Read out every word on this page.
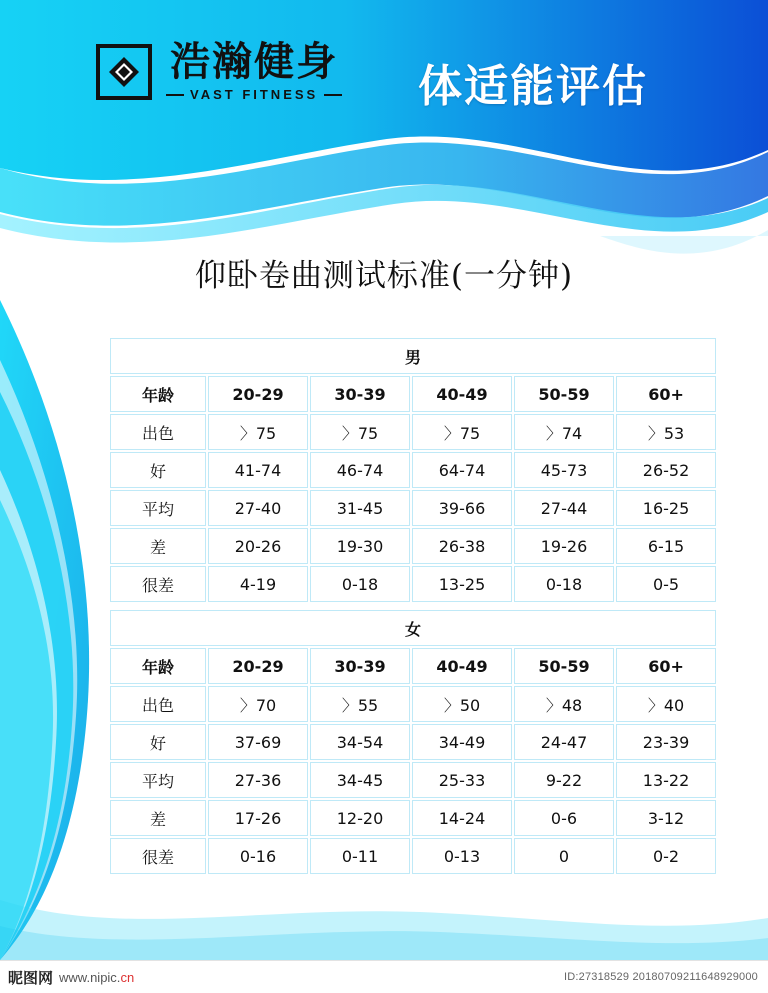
浩瀚健身
VAST FITNESS 体适能评估
仰卧卷曲测试标准(一分钟)
男					
年龄	20-29	30-39	40-49	50-59	60+
出色	〉75	〉75	〉75	〉74	〉53
好	41-74	46-74	64-74	45-73	26-52
平均	27-40	31-45	39-66	27-44	16-25
差	20-26	19-30	26-38	19-26	6-15
很差	4-19	0-18	13-25	0-18	0-5
女					
年龄	20-29	30-39	40-49	50-59	60+
出色	〉70	〉55	〉50	〉48	〉40
好	37-69	34-54	34-49	24-47	23-39
平均	27-36	34-45	25-33	9-22	13-22
差	17-26	12-20	14-24	0-6	3-12
很差	0-16	0-11	0-13	0	0-2
昵图网 www.nipic.cn	ID:27318529 20180709211648929000
